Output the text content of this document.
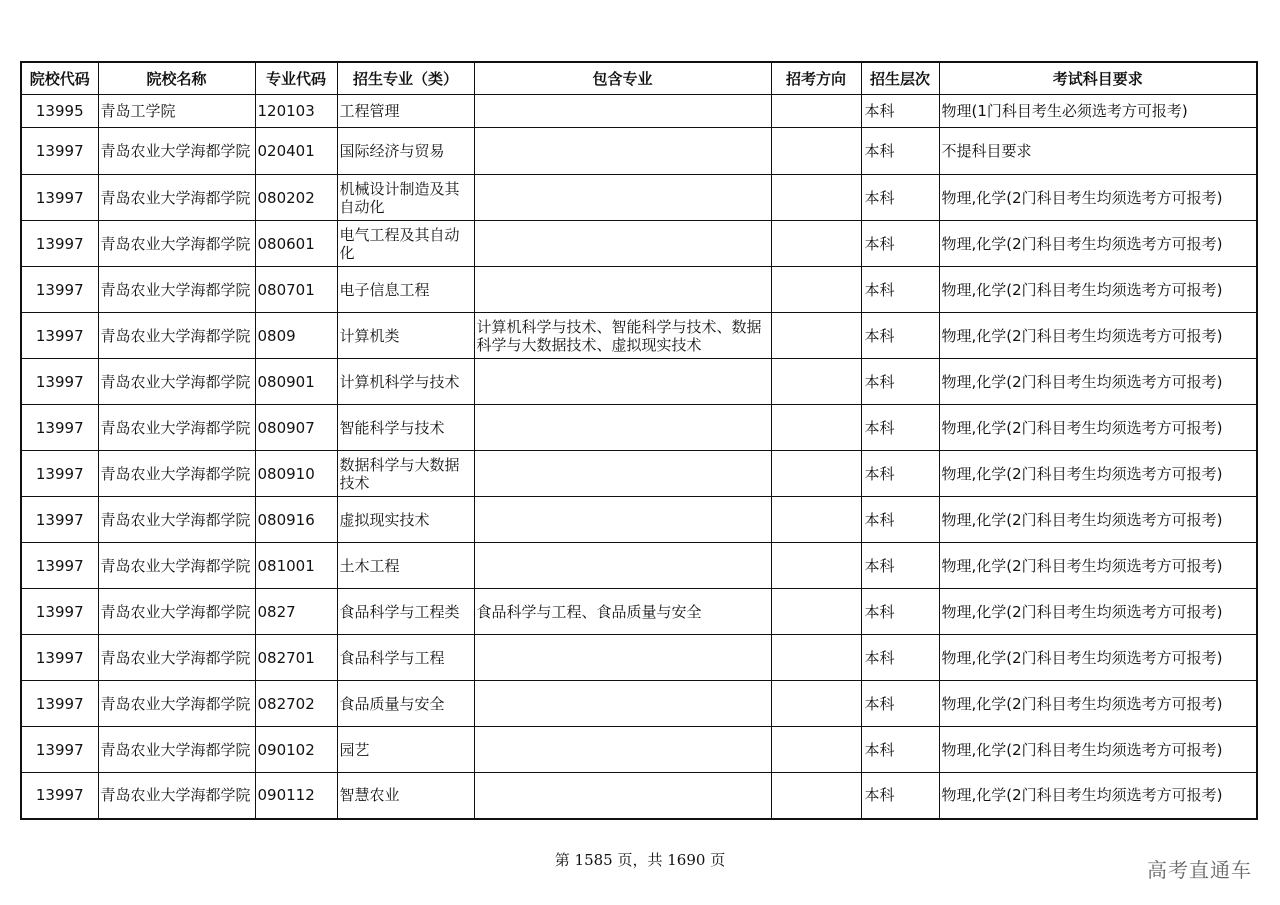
院校代码	院校名称	专业代码	招生专业（类）	包含专业	招考方向	招生层次	考试科目要求
13995	青岛工学院	120103	工程管理			本科	物理(1门科目考生必须选考方可报考)
13997	青岛农业大学海都学院	020401	国际经济与贸易			本科	不提科目要求
13997	青岛农业大学海都学院	080202	机械设计制造及其自动化			本科	物理,化学(2门科目考生均须选考方可报考)
13997	青岛农业大学海都学院	080601	电气工程及其自动化			本科	物理,化学(2门科目考生均须选考方可报考)
13997	青岛农业大学海都学院	080701	电子信息工程			本科	物理,化学(2门科目考生均须选考方可报考)
13997	青岛农业大学海都学院	0809	计算机类	计算机科学与技术、智能科学与技术、数据科学与大数据技术、虚拟现实技术		本科	物理,化学(2门科目考生均须选考方可报考)
13997	青岛农业大学海都学院	080901	计算机科学与技术			本科	物理,化学(2门科目考生均须选考方可报考)
13997	青岛农业大学海都学院	080907	智能科学与技术			本科	物理,化学(2门科目考生均须选考方可报考)
13997	青岛农业大学海都学院	080910	数据科学与大数据技术			本科	物理,化学(2门科目考生均须选考方可报考)
13997	青岛农业大学海都学院	080916	虚拟现实技术			本科	物理,化学(2门科目考生均须选考方可报考)
13997	青岛农业大学海都学院	081001	土木工程			本科	物理,化学(2门科目考生均须选考方可报考)
13997	青岛农业大学海都学院	0827	食品科学与工程类	食品科学与工程、食品质量与安全		本科	物理,化学(2门科目考生均须选考方可报考)
13997	青岛农业大学海都学院	082701	食品科学与工程			本科	物理,化学(2门科目考生均须选考方可报考)
13997	青岛农业大学海都学院	082702	食品质量与安全			本科	物理,化学(2门科目考生均须选考方可报考)
13997	青岛农业大学海都学院	090102	园艺			本科	物理,化学(2门科目考生均须选考方可报考)
13997	青岛农业大学海都学院	090112	智慧农业			本科	物理,化学(2门科目考生均须选考方可报考)
第 1585 页，共 1690 页	高考直通车
